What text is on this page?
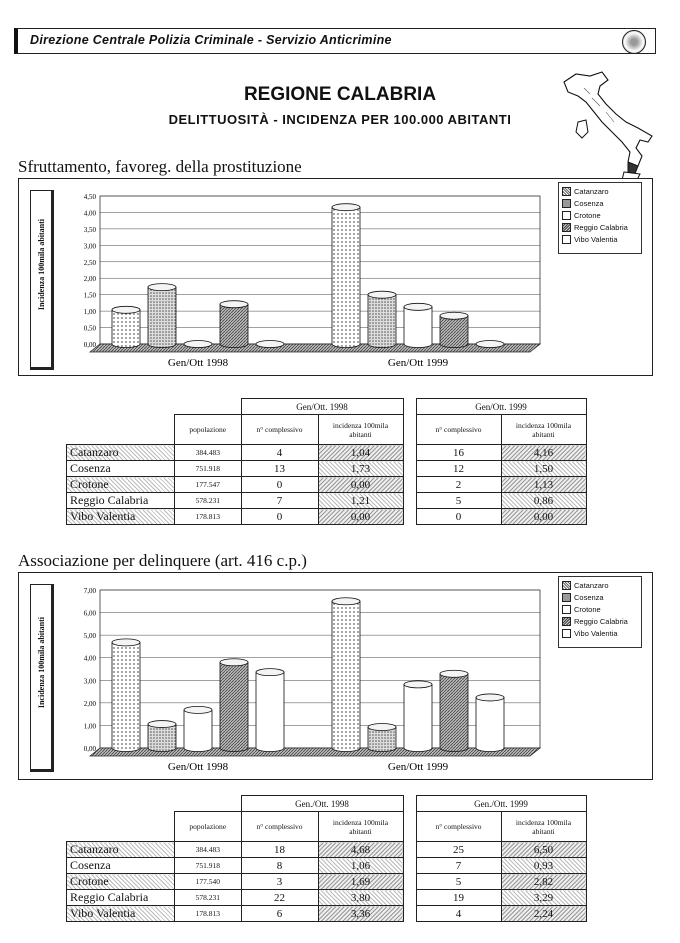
Direzione Centrale Polizia Criminale - Servizio Anticrimine
REGIONE CALABRIA
DELITTUOSITÀ - INCIDENZA PER 100.000 ABITANTI
Sfruttamento, favoreg. della prostituzione
Incidenza 100mila abitanti
0,00
0,50
1,00
1,50
2,00
2,50
3,00
3,50
4,00
4,50
Gen/Ott 1998	Gen/Ott 1999
Catanzaro
Cosenza
Crotone
Reggio Calabria
Vibo Valentia
		Gen/Ott. 1998			Gen/Ott. 1999	
	popolazione	n° complessivo	incidenza 100mila abitanti		n° complessivo	incidenza 100mila abitanti
Catanzaro	384.483	4	1,04		16	4,16
Cosenza	751.918	13	1,73		12	1,50
Crotone	177.547	0	0,00		2	1,13
Reggio Calabria	578.231	7	1,21		5	0,86
Vibo Valentia	178.813	0	0,00		0	0,00
Associazione per delinquere (art. 416 c.p.)
Incidenza 100mila abitanti
0,00
1,00
2,00
3,00
4,00
5,00
6,00
7,00
Gen/Ott 1998	Gen/Ott 1999
Catanzaro
Cosenza
Crotone
Reggio Calabria
Vibo Valentia
		Gen./Ott. 1998			Gen./Ott. 1999	
	popolazione	n° complessivo	incidenza 100mila abitanti		n° complessivo	incidenza 100mila abitanti
Catanzaro	384.483	18	4,68		25	6,50
Cosenza	751.918	8	1,06		7	0,93
Crotone	177.540	3	1,69		5	2,82
Reggio Calabria	578.231	22	3,80		19	3,29
Vibo Valentia	178.813	6	3,36		4	2,24
